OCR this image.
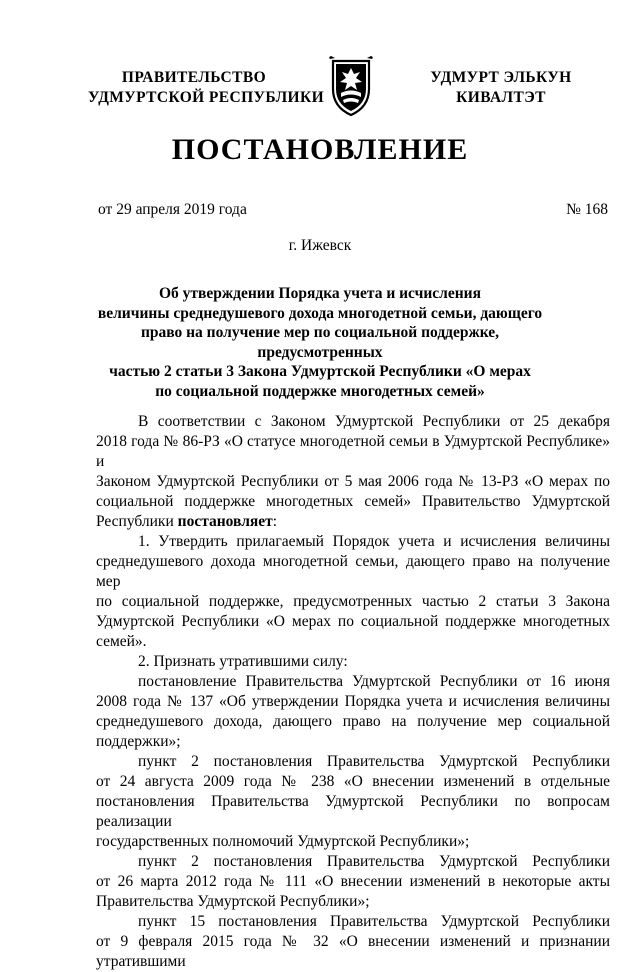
ПРАВИТЕЛЬСТВО
УДМУРТСКОЙ РЕСПУБЛИКИ
УДМУРТ ЭЛЬКУН
КИВАЛТЭТ
ПОСТАНОВЛЕНИЕ
от 29 апреля 2019 года	№ 168
г. Ижевск
Об утверждении Порядка учета и исчисления
величины среднедушевого дохода многодетной семьи, дающего
право на получение мер по социальной поддержке, предусмотренных
частью 2 статьи 3 Закона Удмуртской Республики «О мерах
по социальной поддержке многодетных семей»

В соответствии с Законом Удмуртской Республики от 25 декабря
2018 года № 86-РЗ «О статусе многодетной семьи в Удмуртской Республике» и
Законом Удмуртской Республики от 5 мая 2006 года № 13-РЗ «О мерах по
социальной поддержке многодетных семей» Правительство Удмуртской
Республики постановляет:

1. Утвердить прилагаемый Порядок учета и исчисления величины
среднедушевого дохода многодетной семьи, дающего право на получение мер
по социальной поддержке, предусмотренных частью 2 статьи 3 Закона
Удмуртской Республики «О мерах по социальной поддержке многодетных
семей».

2. Признать утратившими силу:

постановление Правительства Удмуртской Республики от 16 июня
2008 года № 137 «Об утверждении Порядка учета и исчисления величины
среднедушевого дохода, дающего право на получение мер социальной
поддержки»;

пункт 2 постановления Правительства Удмуртской Республики
от 24 августа 2009 года № 238 «О внесении изменений в отдельные
постановления Правительства Удмуртской Республики по вопросам реализации
государственных полномочий Удмуртской Республики»;

пункт 2 постановления Правительства Удмуртской Республики
от 26 марта 2012 года № 111 «О внесении изменений в некоторые акты
Правительства Удмуртской Республики»;

пункт 15 постановления Правительства Удмуртской Республики
от 9 февраля 2015 года № 32 «О внесении изменений и признании утратившими
